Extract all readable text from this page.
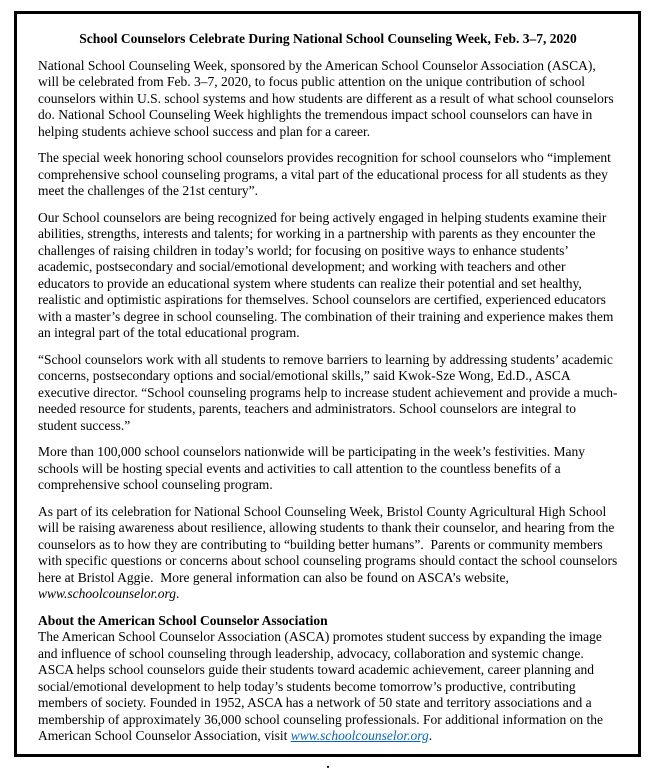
School Counselors Celebrate During National School Counseling Week, Feb. 3–7, 2020

National School Counseling Week, sponsored by the American School Counselor Association (ASCA), will be celebrated from Feb. 3–7, 2020, to focus public attention on the unique contribution of school counselors within U.S. school systems and how students are different as a result of what school counselors do. National School Counseling Week highlights the tremendous impact school counselors can have in helping students achieve school success and plan for a career.

The special week honoring school counselors provides recognition for school counselors who “implement comprehensive school counseling programs, a vital part of the educational process for all students as they meet the challenges of the 21st century”.

Our School counselors are being recognized for being actively engaged in helping students examine their abilities, strengths, interests and talents; for working in a partnership with parents as they encounter the challenges of raising children in today’s world; for focusing on positive ways to enhance students’ academic, postsecondary and social/emotional development; and working with teachers and other educators to provide an educational system where students can realize their potential and set healthy, realistic and optimistic aspirations for themselves. School counselors are certified, experienced educators with a master’s degree in school counseling. The combination of their training and experience makes them an integral part of the total educational program.

“School counselors work with all students to remove barriers to learning by addressing students’ academic concerns, postsecondary options and social/emotional skills,” said Kwok-Sze Wong, Ed.D., ASCA executive director. “School counseling programs help to increase student achievement and provide a much-needed resource for students, parents, teachers and administrators. School counselors are integral to student success.”

More than 100,000 school counselors nationwide will be participating in the week’s festivities. Many schools will be hosting special events and activities to call attention to the countless benefits of a comprehensive school counseling program.

As part of its celebration for National School Counseling Week, Bristol County Agricultural High School will be raising awareness about resilience, allowing students to thank their counselor, and hearing from the counselors as to how they are contributing to “building better humans”.  Parents or community members with specific questions or concerns about school counseling programs should contact the school counselors here at Bristol Aggie.  More general information can also be found on ASCA’s website, www.schoolcounselor.org.

About the American School Counselor Association

The American School Counselor Association (ASCA) promotes student success by expanding the image and influence of school counseling through leadership, advocacy, collaboration and systemic change. ASCA helps school counselors guide their students toward academic achievement, career planning and social/emotional development to help today’s students become tomorrow’s productive, contributing members of society. Founded in 1952, ASCA has a network of 50 state and territory associations and a membership of approximately 36,000 school counseling professionals. For additional information on the American School Counselor Association, visit www.schoolcounselor.org.

.
